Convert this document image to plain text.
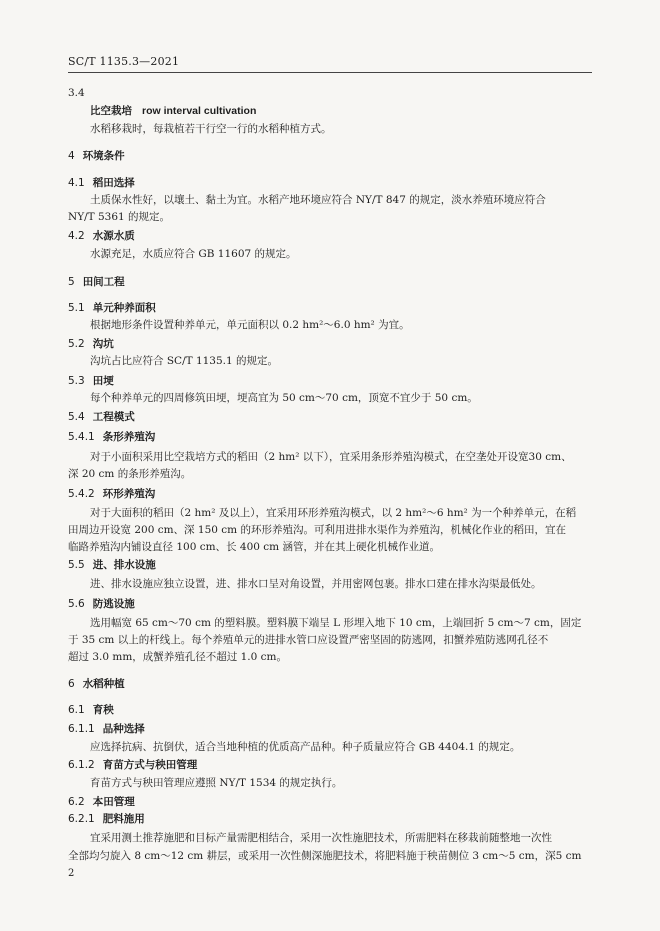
SC/T 1135.3—2021
3.4
比空栽培 row interval cultivation
水稻移栽时，每栽植若干行空一行的水稻种植方式。
4 环境条件
4.1 稻田选择
土质保水性好，以壤土、黏土为宜。水稻产地环境应符合 NY/T 847 的规定，淡水养殖环境应符合
NY/T 5361 的规定。
4.2 水源水质
水源充足，水质应符合 GB 11607 的规定。
5 田间工程
5.1 单元种养面积
根据地形条件设置种养单元，单元面积以 0.2 hm²～6.0 hm² 为宜。
5.2 沟坑
沟坑占比应符合 SC/T 1135.1 的规定。
5.3 田埂
每个种养单元的四周修筑田埂，埂高宜为 50 cm～70 cm，顶宽不宜少于 50 cm。
5.4 工程模式
5.4.1 条形养殖沟
对于小面积采用比空栽培方式的稻田（2 hm² 以下），宜采用条形养殖沟模式，在空垄处开设宽30 cm、
深 20 cm 的条形养殖沟。
5.4.2 环形养殖沟
对于大面积的稻田（2 hm² 及以上），宜采用环形养殖沟模式，以 2 hm²～6 hm² 为一个种养单元，在稻
田周边开设宽 200 cm、深 150 cm 的环形养殖沟。可利用进排水渠作为养殖沟，机械化作业的稻田，宜在
临路养殖沟内铺设直径 100 cm、长 400 cm 涵管，并在其上硬化机械作业道。
5.5 进、排水设施
进、排水设施应独立设置，进、排水口呈对角设置，并用密网包裹。排水口建在排水沟渠最低处。
5.6 防逃设施
选用幅宽 65 cm～70 cm 的塑料膜。塑料膜下端呈 L 形埋入地下 10 cm，上端回折 5 cm～7 cm，固定
于 35 cm 以上的杆线上。每个养殖单元的进排水管口应设置严密坚固的防逃网，扣蟹养殖防逃网孔径不
超过 3.0 mm，成蟹养殖孔径不超过 1.0 cm。
6 水稻种植
6.1 育秧
6.1.1 品种选择
应选择抗病、抗倒伏，适合当地种植的优质高产品种。种子质量应符合 GB 4404.1 的规定。
6.1.2 育苗方式与秧田管理
育苗方式与秧田管理应遵照 NY/T 1534 的规定执行。
6.2 本田管理
6.2.1 肥料施用
宜采用测土推荐施肥和目标产量需肥相结合，采用一次性施肥技术，所需肥料在移栽前随整地一次性
全部均匀旋入 8 cm～12 cm 耕层，或采用一次性侧深施肥技术，将肥料施于秧苗侧位 3 cm～5 cm，深5 cm
2
